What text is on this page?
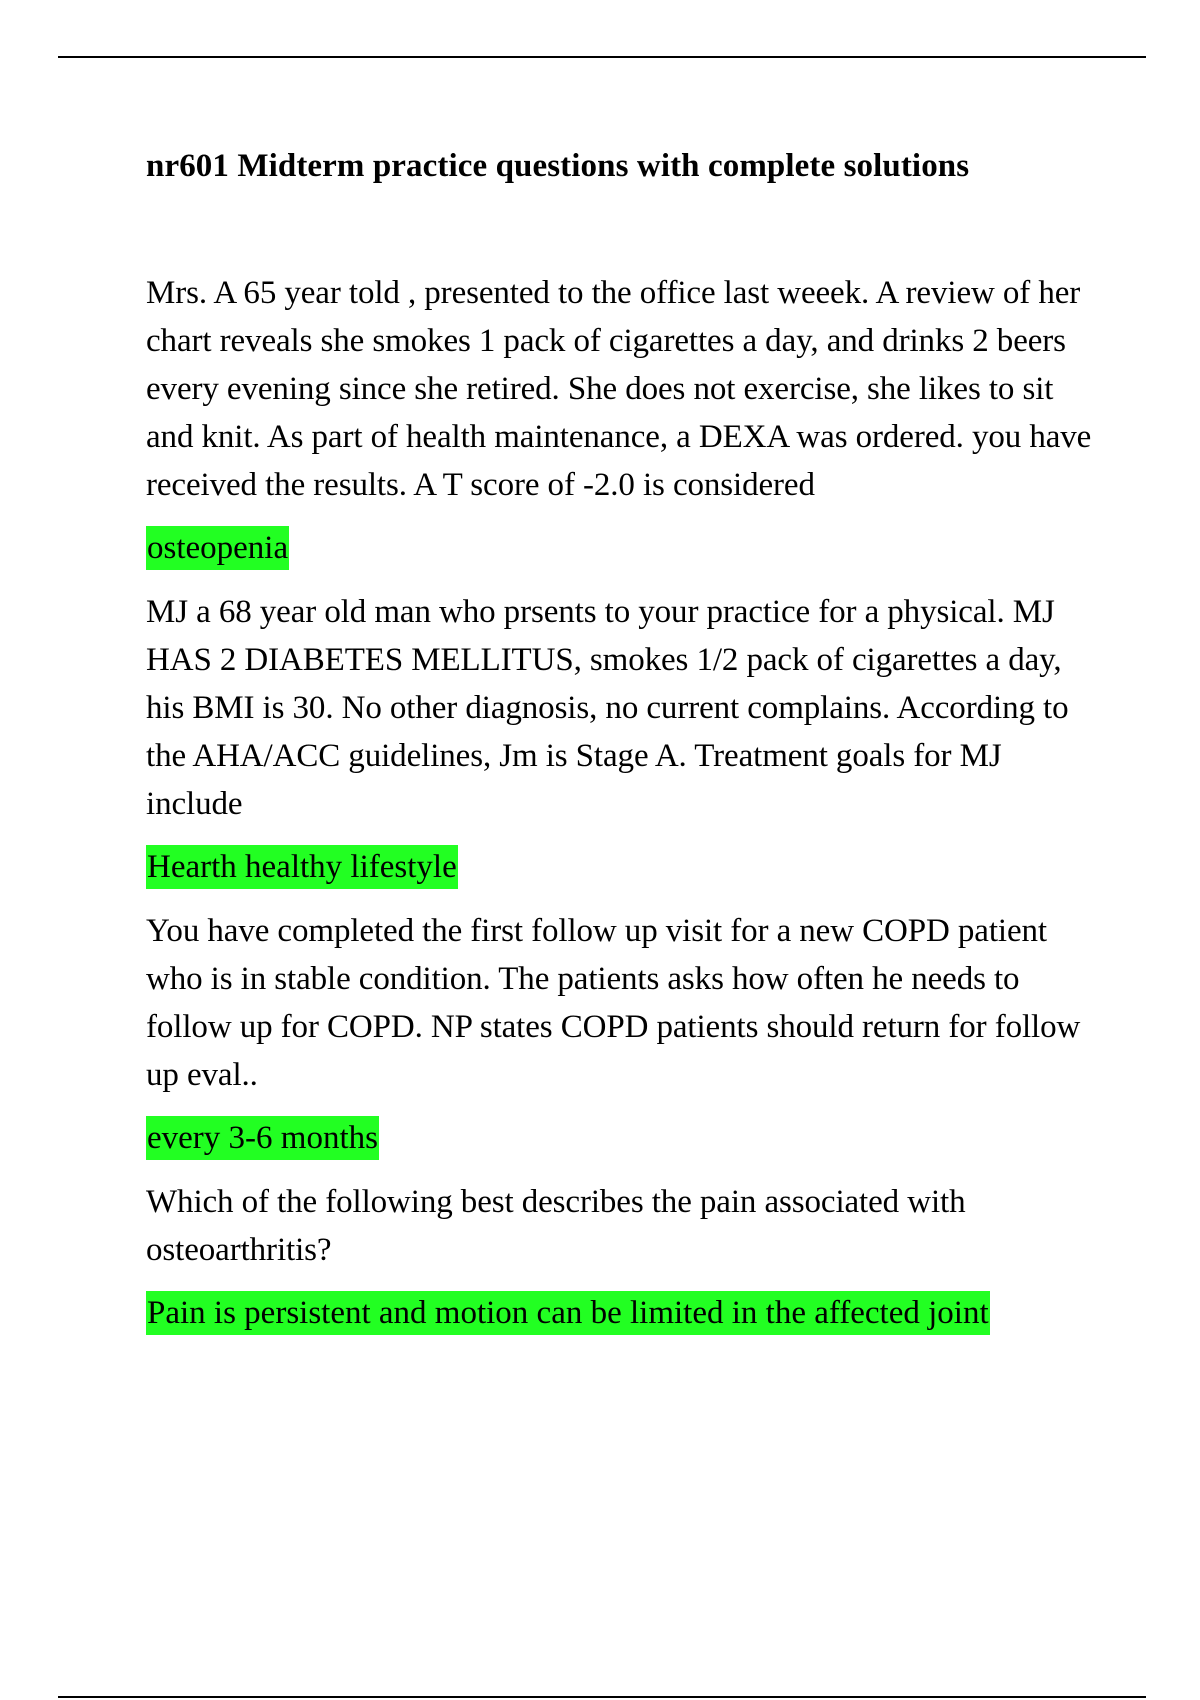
nr601 Midterm practice questions with complete solutions

Mrs. A 65 year told , presented to the office last weeek. A review of her chart reveals she smokes 1 pack of cigarettes a day, and drinks 2 beers every evening since she retired. She does not exercise, she likes to sit and knit. As part of health maintenance, a DEXA was ordered. you have received the results. A T score of -2.0 is considered

osteopenia

MJ a 68 year old man who prsents to your practice for a physical. MJ HAS 2 DIABETES MELLITUS, smokes 1/2 pack of cigarettes a day, his BMI is 30. No other diagnosis, no current complains. According to the AHA/ACC guidelines, Jm is Stage A. Treatment goals for MJ include

Hearth healthy lifestyle

You have completed the first follow up visit for a new COPD patient who is in stable condition. The patients asks how often he needs to follow up for COPD. NP states COPD patients should return for follow up eval..

every 3-6 months

Which of the following best describes the pain associated with osteoarthritis?

Pain is persistent and motion can be limited in the affected joint
